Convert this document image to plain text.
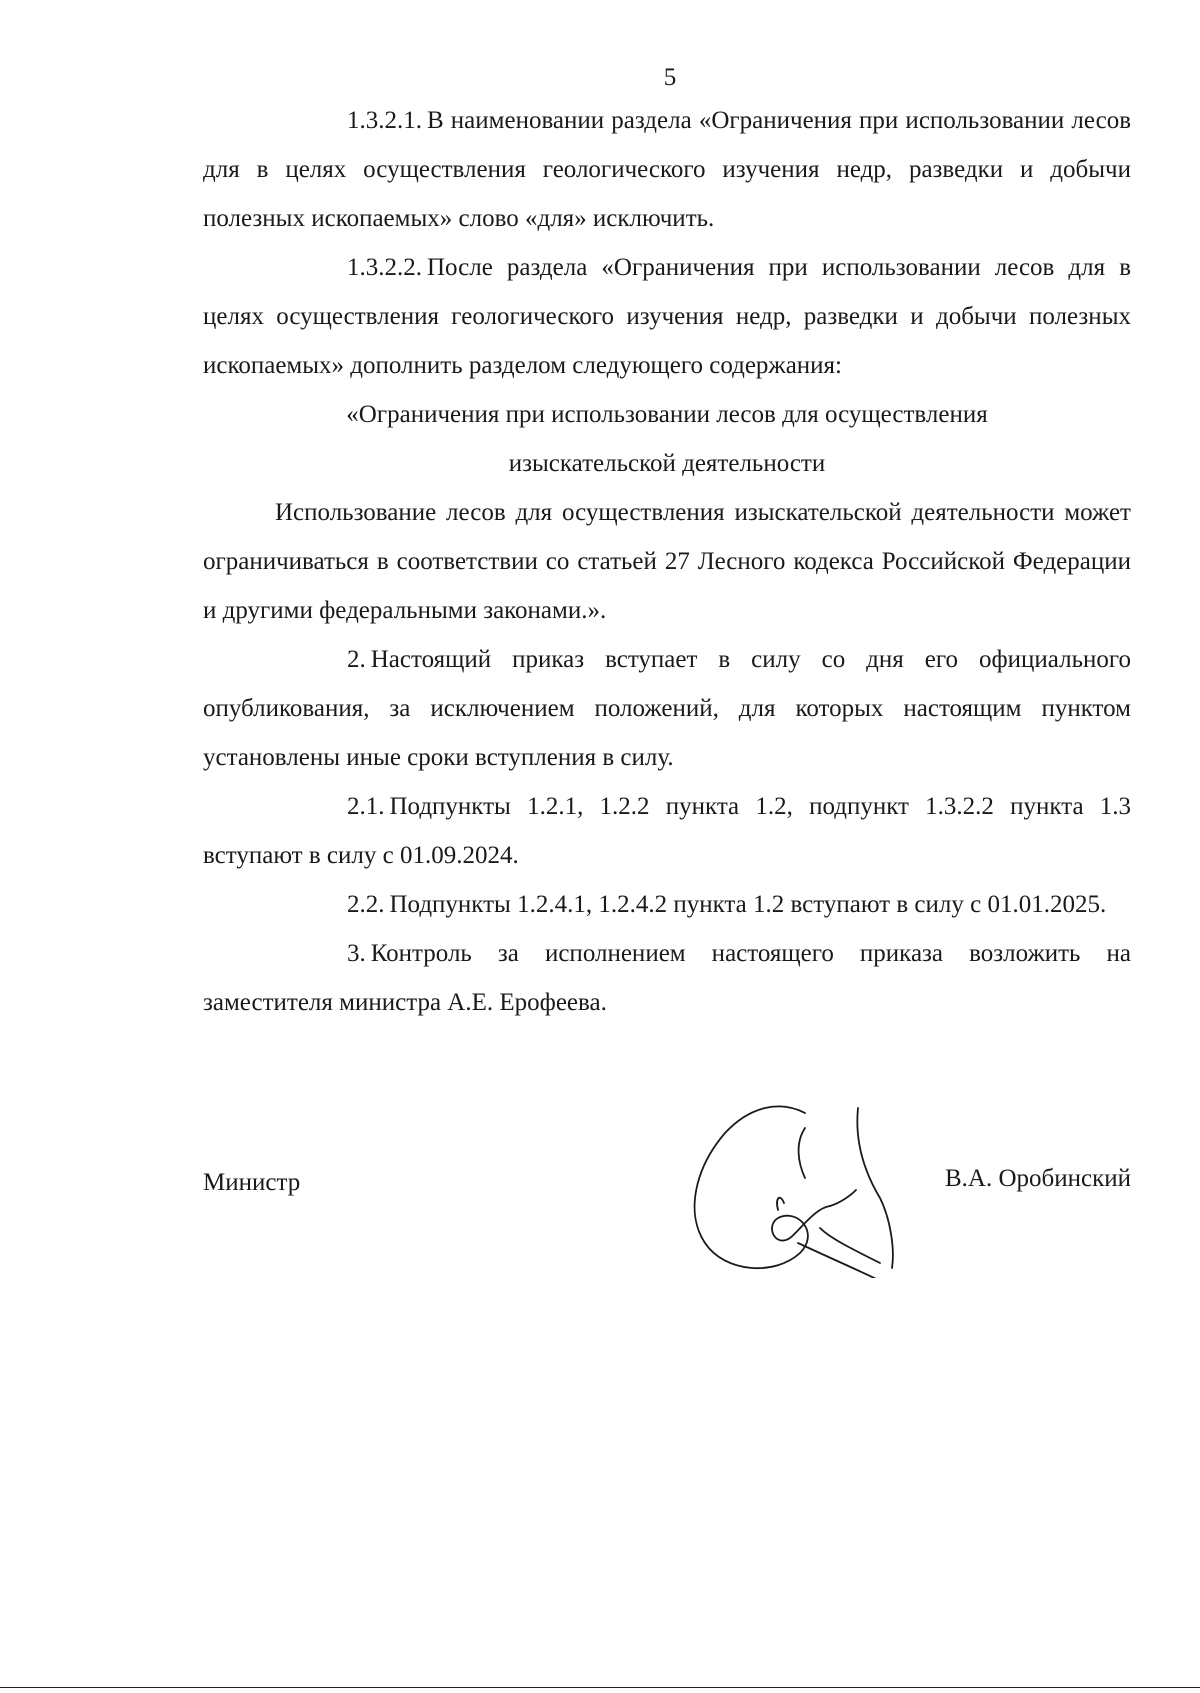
5

1.3.2.1. В наименовании раздела «Ограничения при использовании лесов для в целях осуществления геологического изучения недр, разведки и добычи полезных ископаемых» слово «для» исключить.

1.3.2.2. После раздела «Ограничения при использовании лесов для в целях осуществления геологического изучения недр, разведки и добычи полезных ископаемых» дополнить разделом следующего содержания:

«Ограничения при использовании лесов для осуществления

изыскательской деятельности

Использование лесов для осуществления изыскательской деятельности может ограничиваться в соответствии со статьей 27 Лесного кодекса Российской Федерации и другими федеральными законами.».

2. Настоящий приказ вступает в силу со дня его официального опубликования, за исключением положений, для которых настоящим пунктом установлены иные сроки вступления в силу.

2.1. Подпункты 1.2.1, 1.2.2 пункта 1.2, подпункт 1.3.2.2 пункта 1.3 вступают в силу с 01.09.2024.

2.2. Подпункты 1.2.4.1, 1.2.4.2 пункта 1.2 вступают в силу с 01.01.2025.

3. Контроль за исполнением настоящего приказа возложить на заместителя министра А.Е. Ерофеева.

Министр	В.А. Оробинский
